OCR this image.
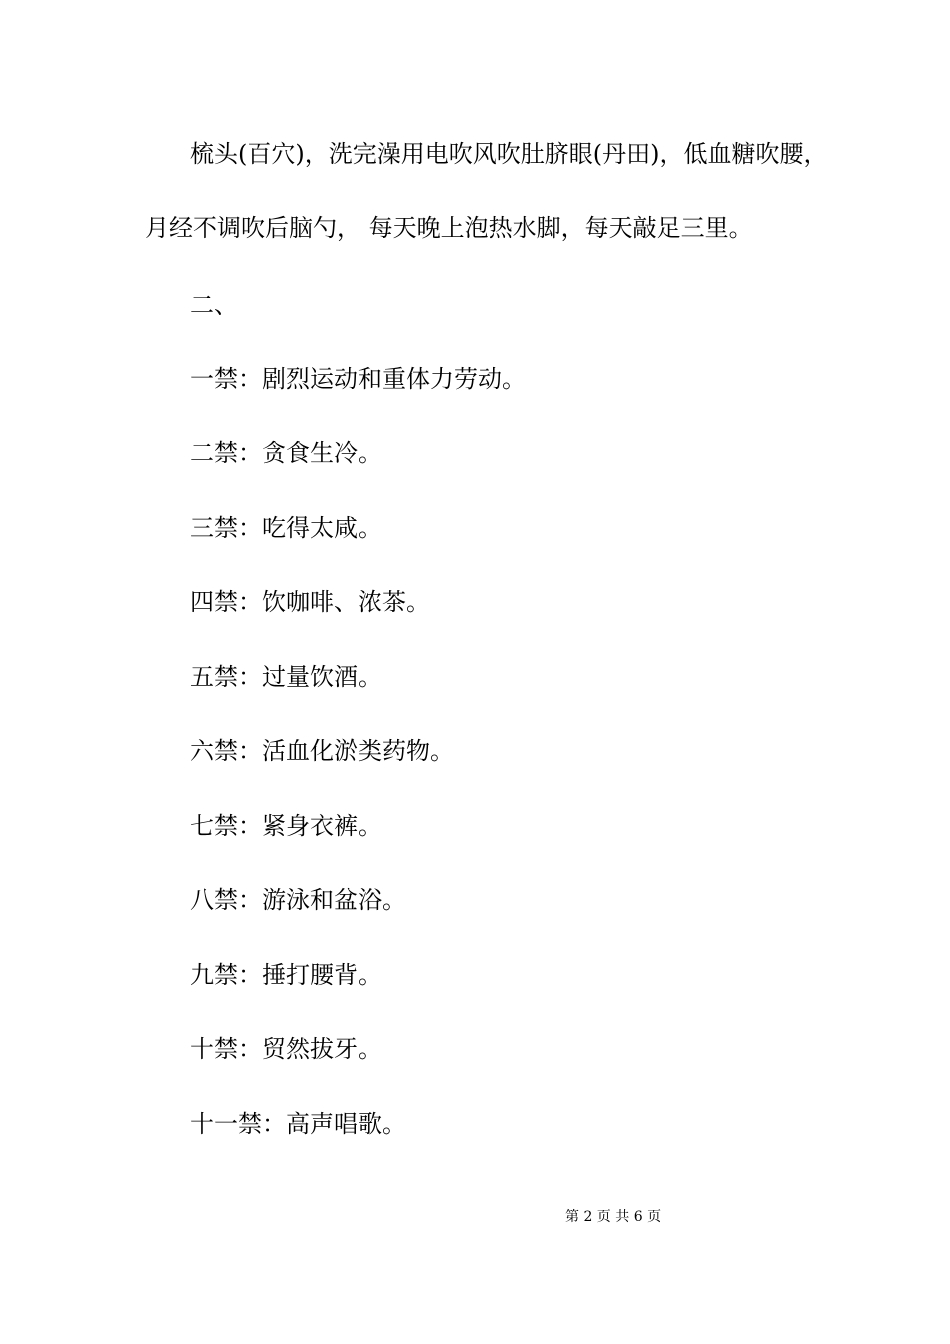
梳头(百穴)，洗完澡用电吹风吹肚脐眼(丹田)，低血糖吹腰，
月经不调吹后脑勺， 每天晚上泡热水脚，每天敲足三里。
二、
一禁：剧烈运动和重体力劳动。
二禁：贪食生冷。
三禁：吃得太咸。
四禁：饮咖啡、浓茶。
五禁：过量饮酒。
六禁：活血化淤类药物。
七禁：紧身衣裤。
八禁：游泳和盆浴。
九禁：捶打腰背。
十禁：贸然拔牙。
十一禁：高声唱歌。
第 2 页 共 6 页
